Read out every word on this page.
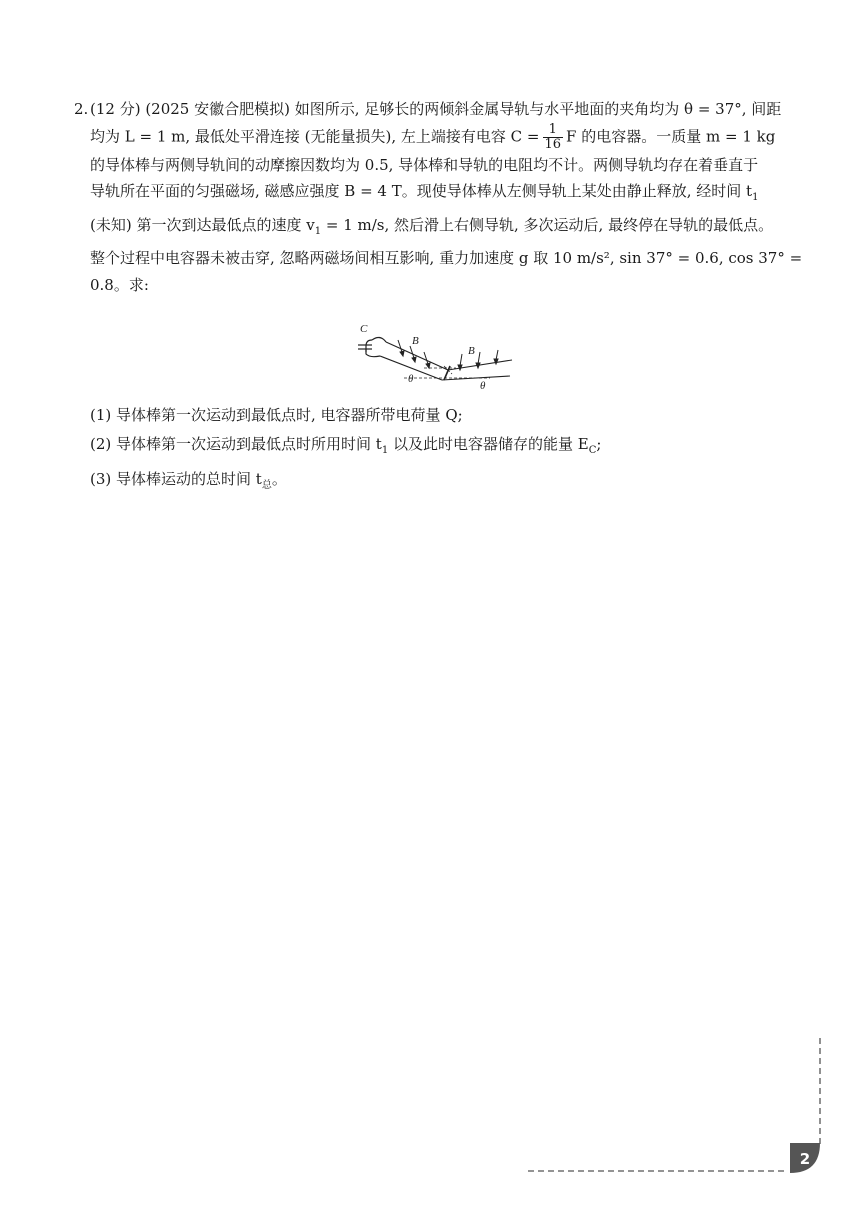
2. (12 分) (2025 安徽合肥模拟) 如图所示, 足够长的两倾斜金属导轨与水平地面的夹角均为 θ = 37°, 间距

均为 L = 1 m, 最低处平滑连接 (无能量损失), 左上端接有电容 $C = \frac{1}{16}$ F 的电容器。一质量 m = 1 kg

的导体棒与两侧导轨间的动摩擦因数均为 0.5, 导体棒和导轨的电阻均不计。两侧导轨均存在着垂直于

导轨所在平面的匀强磁场, 磁感应强度 B = 4 T。现使导体棒从左侧导轨上某处由静止释放, 经时间 $t_1$

(未知) 第一次到达最低点的速度 $v_1 = 1$ m/s, 然后滑上右侧导轨, 多次运动后, 最终停在导轨的最低点。

整个过程中电容器未被击穿, 忽略两磁场间相互影响, 重力加速度 g 取 10 m/s², sin 37° = 0.6, cos 37° =

0.8。求:

C
B
B
θ
θ

(1) 导体棒第一次运动到最低点时, 电容器所带电荷量 Q;

(2) 导体棒第一次运动到最低点时所用时间 $t_1$ 以及此时电容器储存的能量 $E_C$;

(3) 导体棒运动的总时间 $t_总$。

2
